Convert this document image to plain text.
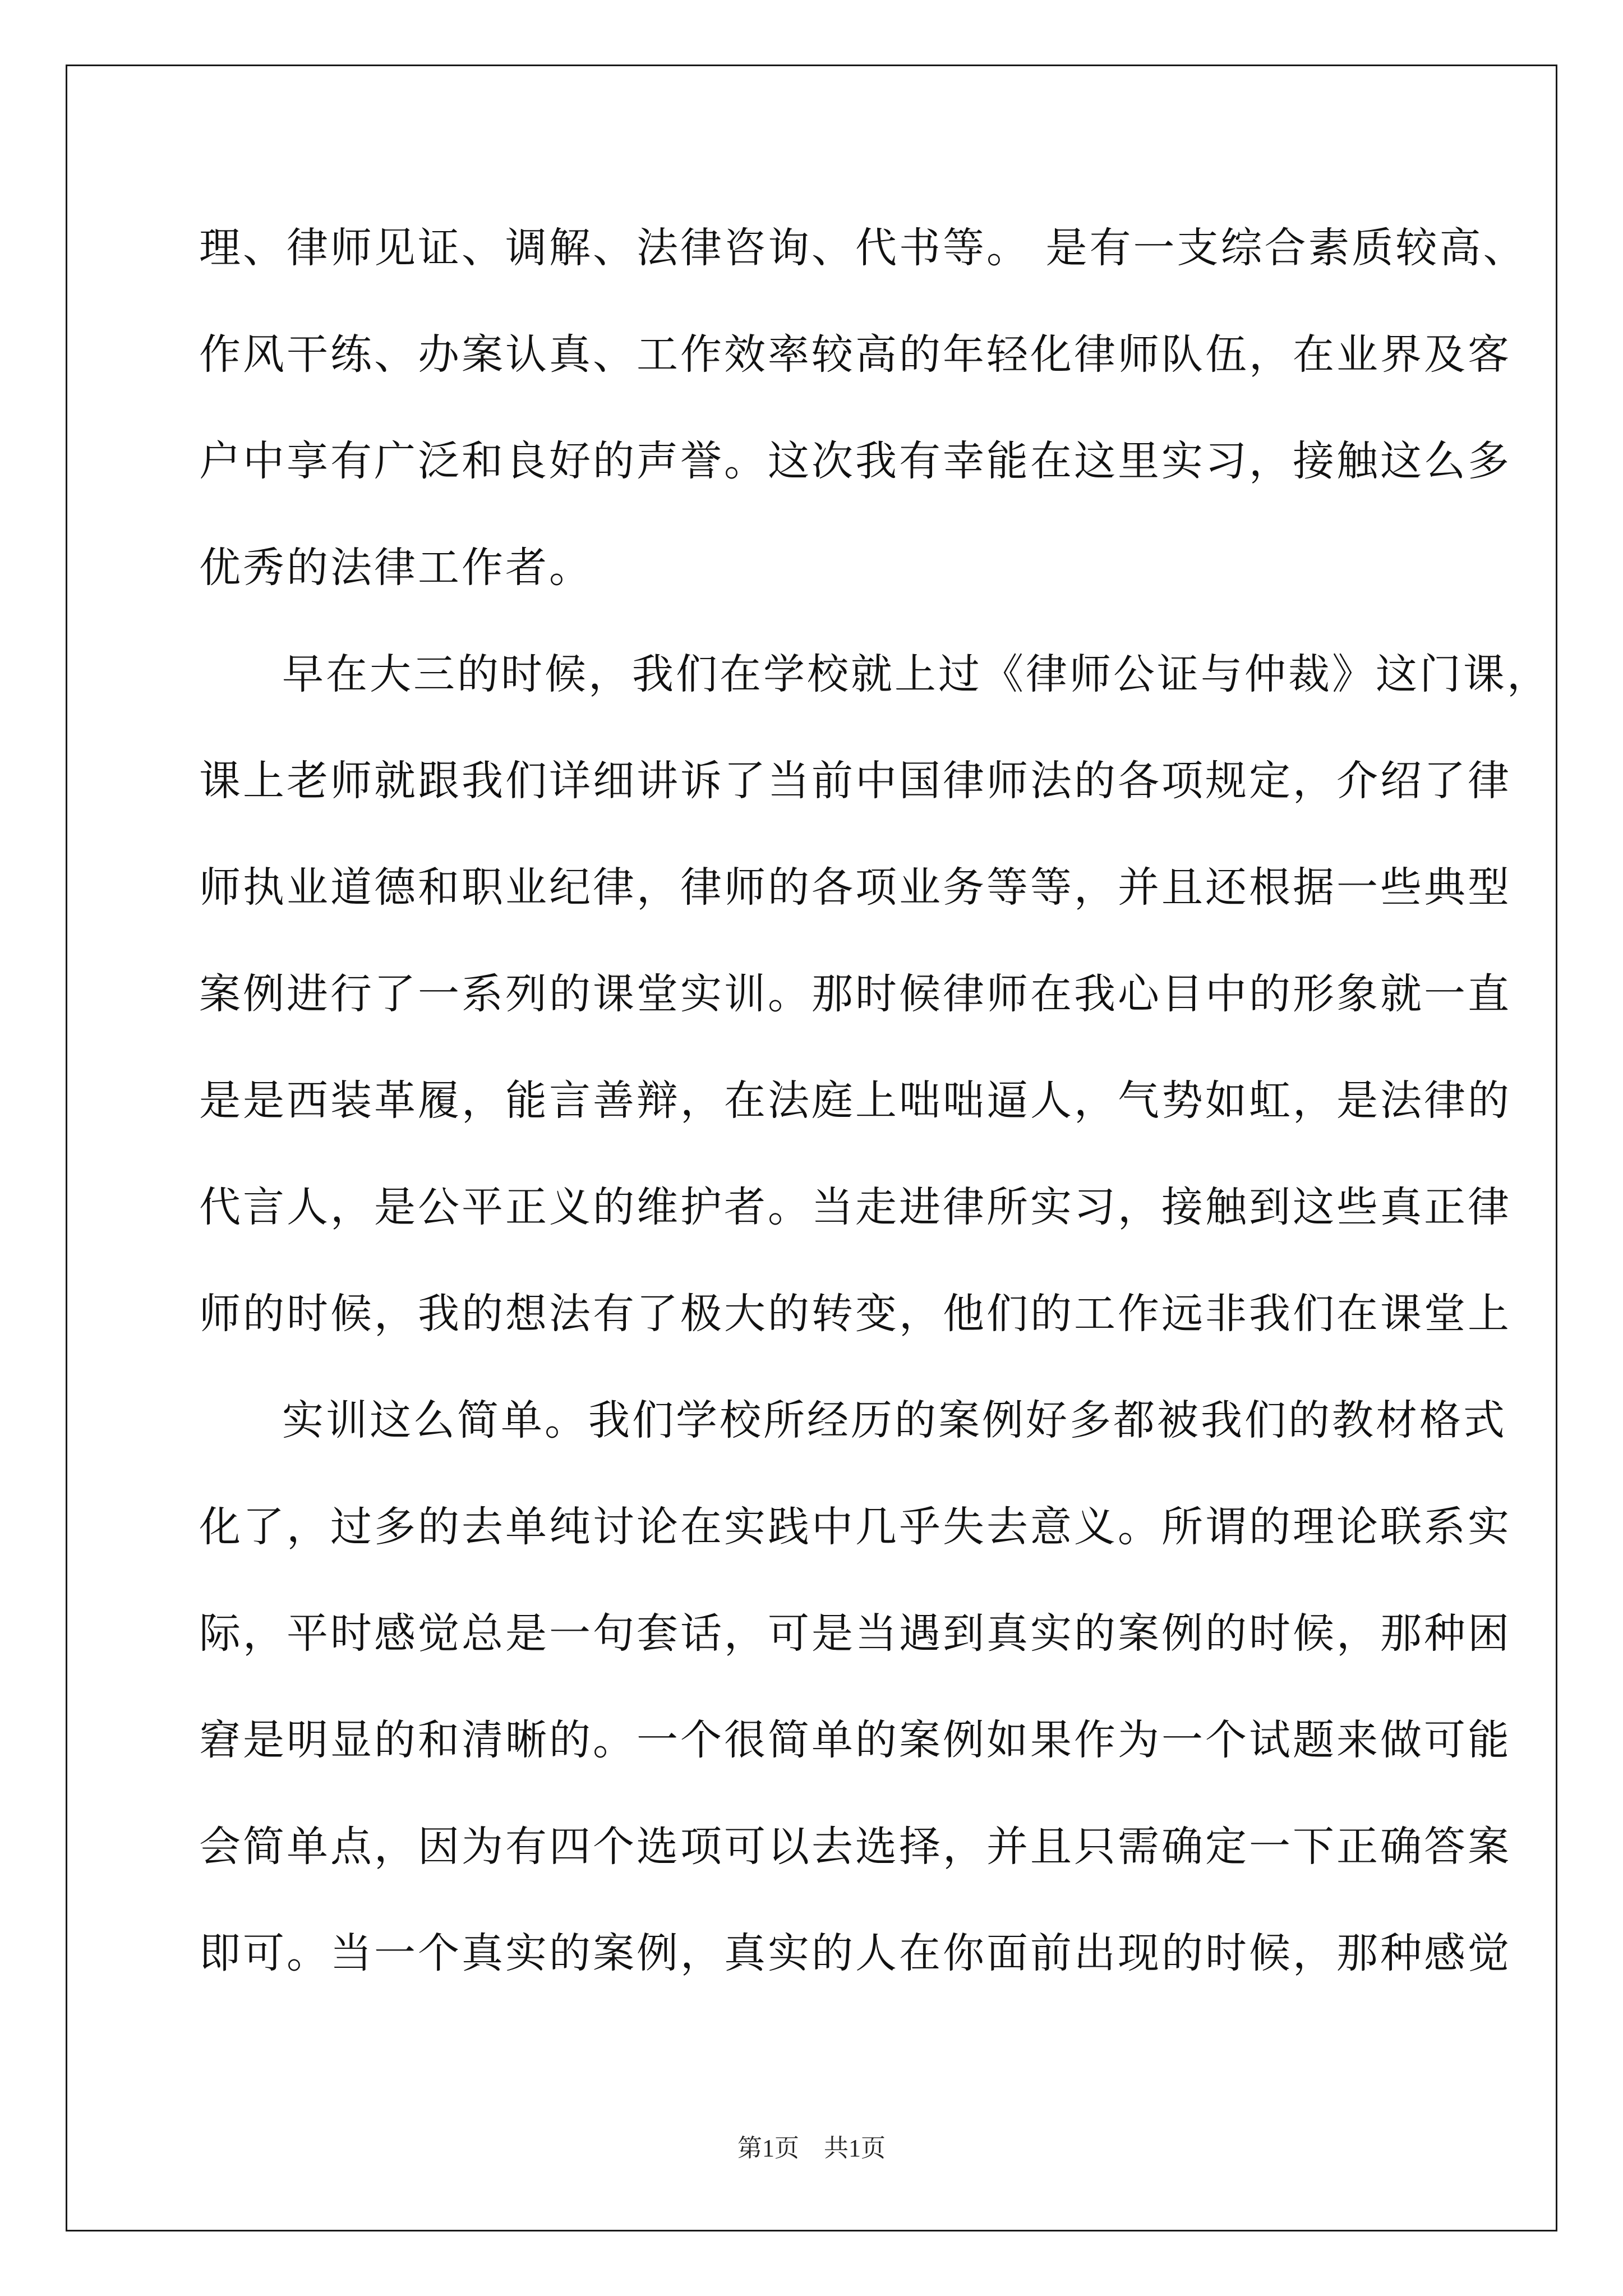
理、律师见证、调解、法律咨询、代书等。 是有一支综合素质较高、
作风干练、办案认真、工作效率较高的年轻化律师队伍，在业界及客
户中享有广泛和良好的声誉。这次我有幸能在这里实习，接触这么多
优秀的法律工作者。
早在大三的时候，我们在学校就上过《律师公证与仲裁》这门课，
课上老师就跟我们详细讲诉了当前中国律师法的各项规定，介绍了律
师执业道德和职业纪律，律师的各项业务等等，并且还根据一些典型
案例进行了一系列的课堂实训。那时候律师在我心目中的形象就一直
是是西装革履，能言善辩，在法庭上咄咄逼人，气势如虹，是法律的
代言人，是公平正义的维护者。当走进律所实习，接触到这些真正律
师的时候，我的想法有了极大的转变，他们的工作远非我们在课堂上
实训这么简单。我们学校所经历的案例好多都被我们的教材格式
化了，过多的去单纯讨论在实践中几乎失去意义。所谓的理论联系实
际，平时感觉总是一句套话，可是当遇到真实的案例的时候，那种困
窘是明显的和清晰的。一个很简单的案例如果作为一个试题来做可能
会简单点，因为有四个选项可以去选择，并且只需确定一下正确答案
即可。当一个真实的案例，真实的人在你面前出现的时候，那种感觉
第1页　共1页
